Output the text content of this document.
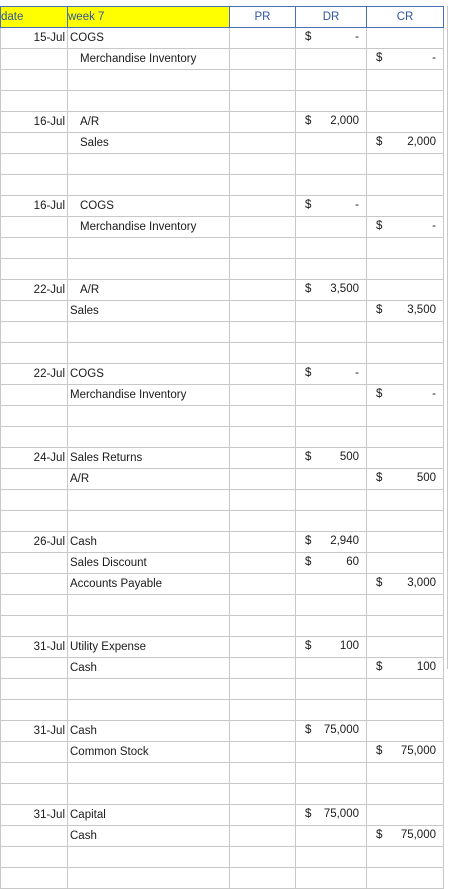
date	week 7	PR	DR	CR
15-Jul	COGS		$ -	

	Merchandise Inventory			$ -

16-Jul	A/R		$ 2,000	

	Sales			$ 2,000

16-Jul	COGS		$ -	

	Merchandise Inventory			$ -

22-Jul	A/R		$ 3,500	

	Sales			$ 3,500

22-Jul	COGS		$ -	

	Merchandise Inventory			$ -

24-Jul	Sales Returns		$ 500	

	A/R			$ 500

26-Jul	Cash		$ 2,940	

	Sales Discount		$ 60	

	Accounts Payable			$ 3,000

31-Jul	Utility Expense		$ 100	

	Cash			$ 100

31-Jul	Cash		$ 75,000	

	Common Stock			$ 75,000

31-Jul	Capital		$ 75,000	

	Cash			$ 75,000
